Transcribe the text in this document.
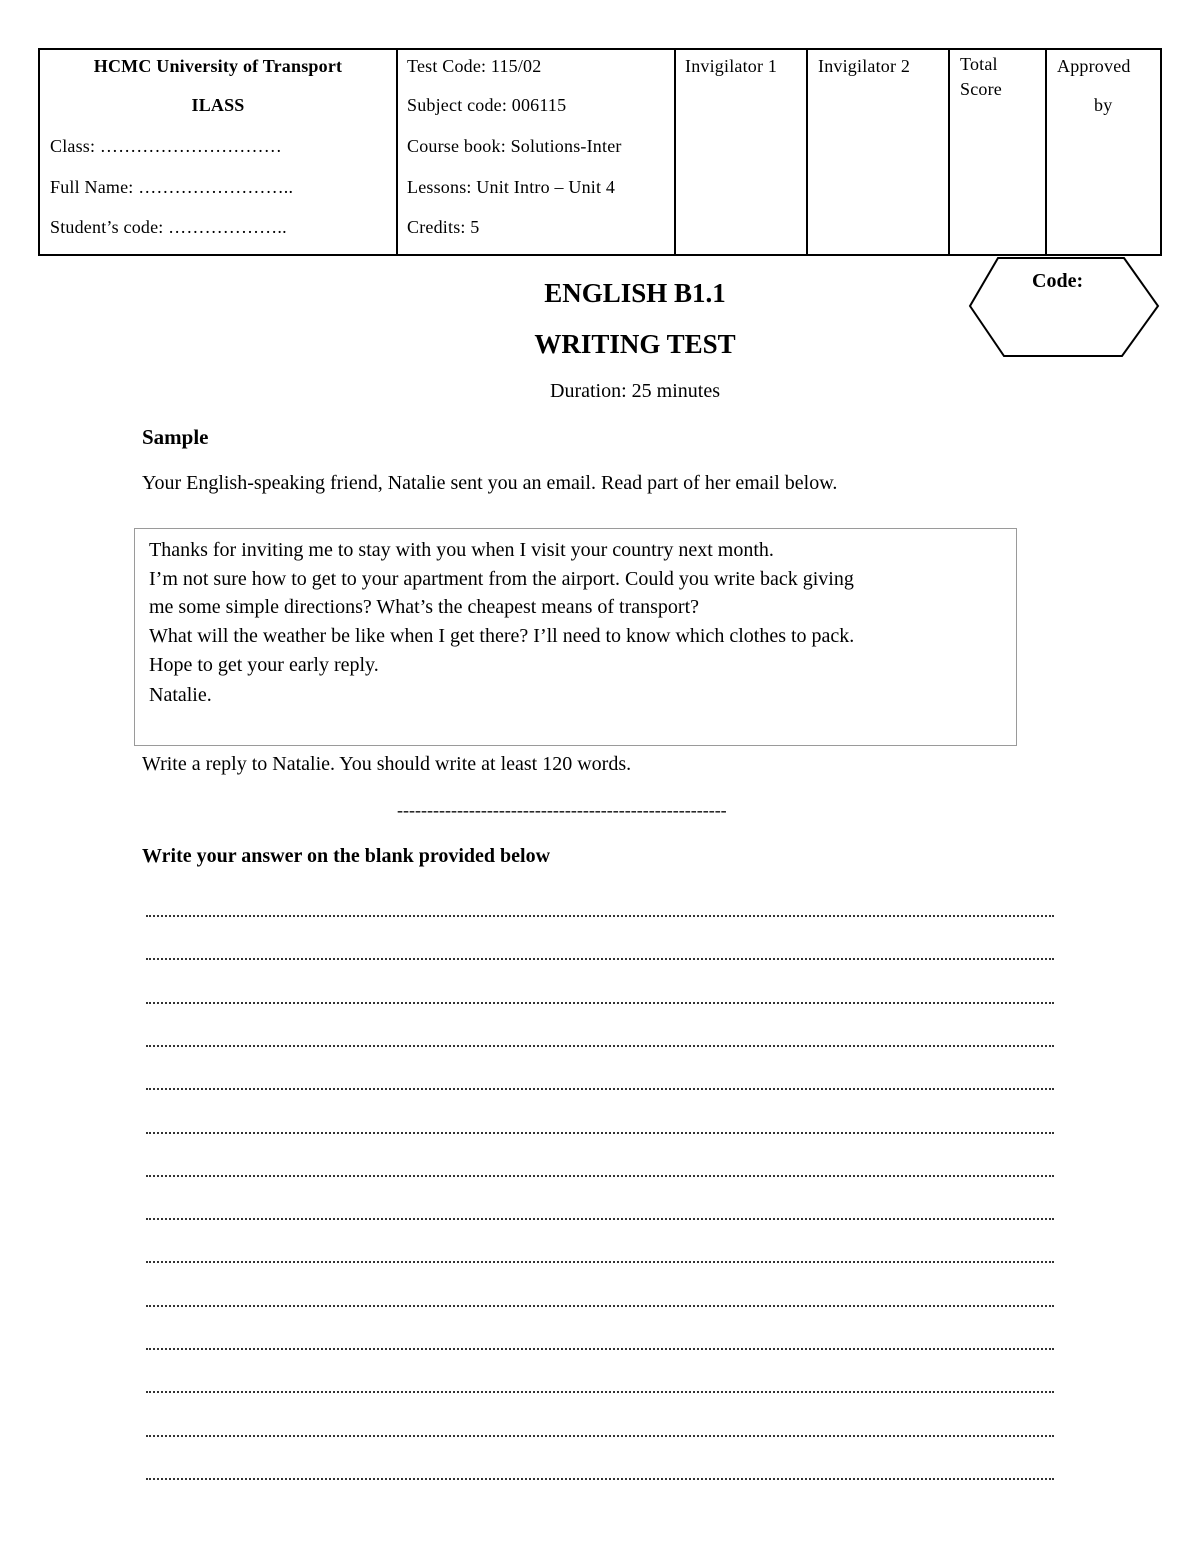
HCMC University of Transport
ILASS
Class: …………………………
Full Name: ……………………..
Student’s code: ………………..

Test Code: 115/02
Subject code: 006115
Course book: Solutions-Inter
Lessons: Unit Intro – Unit 4
Credits: 5

Invigilator 1	Invigilator 2	Total
Score

Approved
by
ENGLISH B1.1
WRITING TEST
Duration: 25 minutes
Code:
Sample
Your English-speaking friend, Natalie sent you an email. Read part of her email below.
Thanks for inviting me to stay with you when I visit your country next month.
I’m not sure how to get to your apartment from the airport. Could you write back giving
me some simple directions? What’s the cheapest means of transport?
What will the weather be like when I get there? I’ll need to know which clothes to pack.
Hope to get your early reply.
Natalie.
Write a reply to Natalie. You should write at least 120 words.
-------------------------------------------------------
Write your answer on the blank provided below
